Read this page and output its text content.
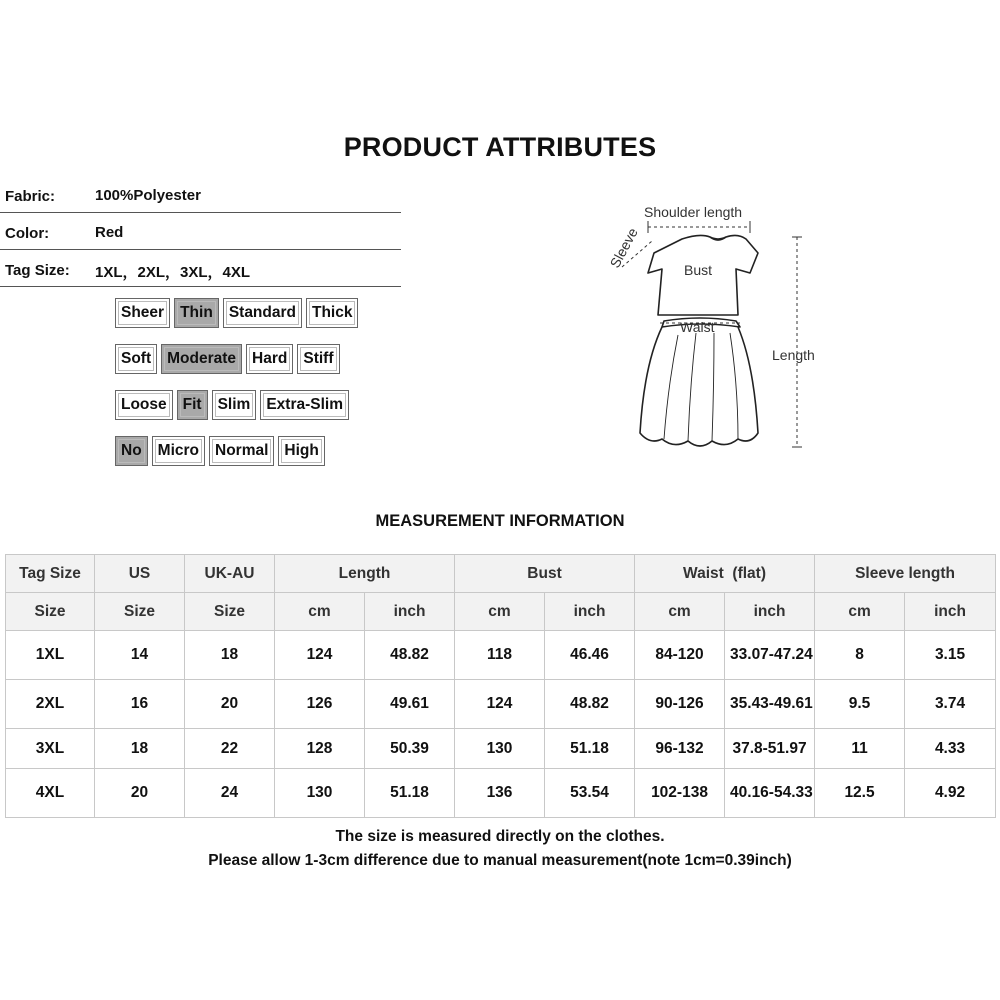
PRODUCT ATTRIBUTES
Fabric:	100%Polyester
Color:	Red
Tag Size: 1XL，2XL，3XL，4XL
Sheer	Thin	Standard	Thick
Soft	Moderate	Hard	Stiff
Loose	Fit	Slim	Extra-Slim
No	Micro	Normal	High
Shoulder length
Sleeve	Bust
Waist
Length
MEASUREMENT INFORMATION
Tag Size	US	UK-AU	Length		Bust		Waist  (flat)		Sleeve length	
Size	Size	Size	cm	inch	cm	inch	cm	inch	cm	inch
1XL	14	18	124	48.82	118	46.46	84-120	33.07-47.24	8	3.15
2XL	16	20	126	49.61	124	48.82	90-126	35.43-49.61	9.5	3.74
3XL	18	22	128	50.39	130	51.18	96-132	37.8-51.97	11	4.33
4XL	20	24	130	51.18	136	53.54	102-138	40.16-54.33	12.5	4.92
The size is measured directly on the clothes.
Please allow 1-3cm difference due to manual measurement(note 1cm=0.39inch)
